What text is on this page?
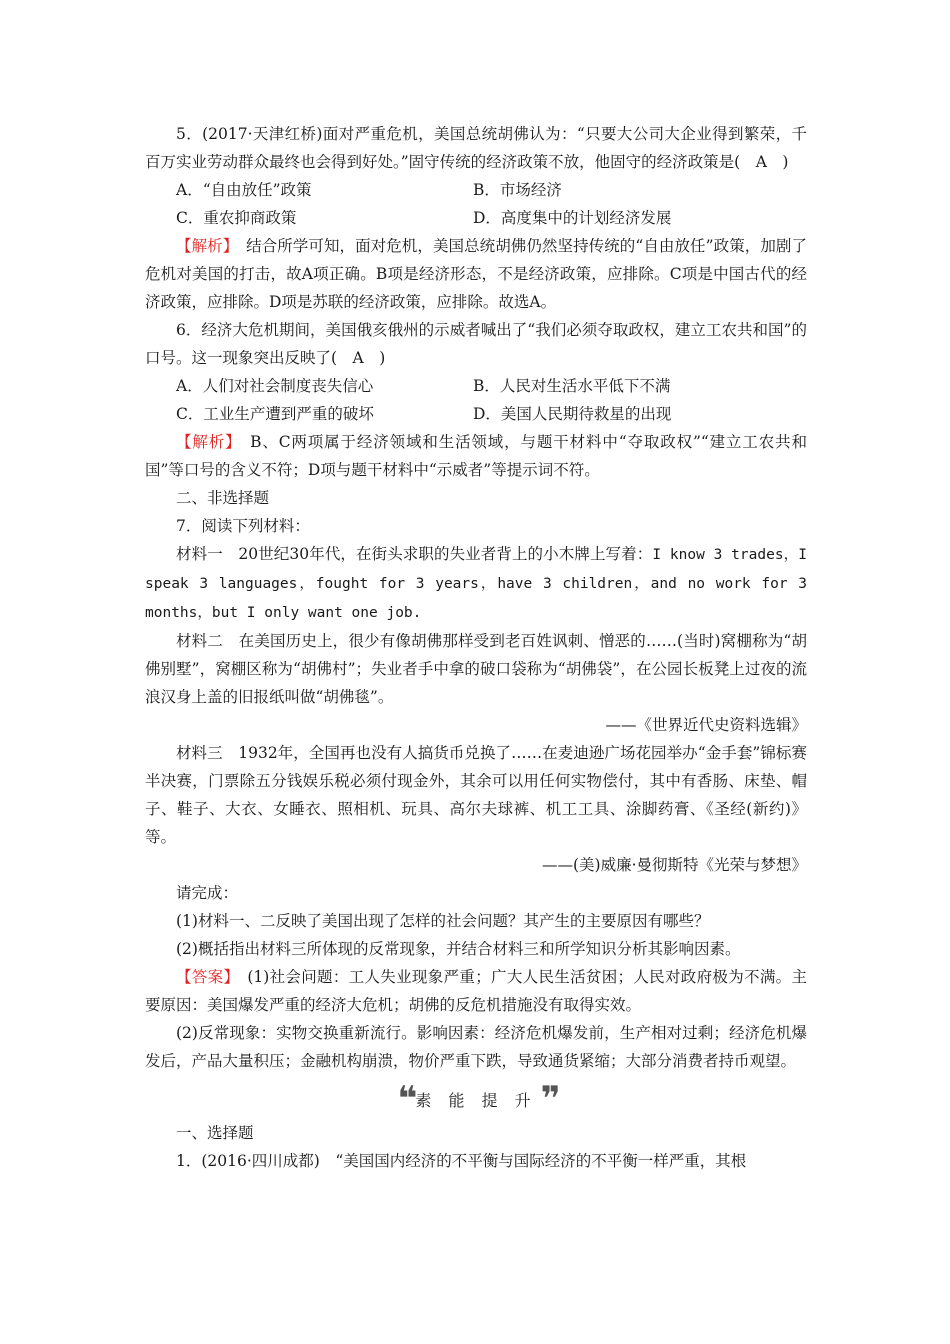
5．(2017·天津红桥)面对严重危机，美国总统胡佛认为：“只要大公司大企业得到繁荣，千百万实业劳动群众最终也会得到好处。”固守传统的经济政策不放，他固守的经济政策是(　A　)

A．“自由放任”政策	B．市场经济
C．重农抑商政策	D．高度集中的计划经济发展

【解析】　结合所学可知，面对危机，美国总统胡佛仍然坚持传统的“自由放任”政策，加剧了危机对美国的打击，故A项正确。B项是经济形态，不是经济政策，应排除。C项是中国古代的经济政策，应排除。D项是苏联的经济政策，应排除。故选A。

6．经济大危机期间，美国俄亥俄州的示威者喊出了“我们必须夺取政权，建立工农共和国”的口号。这一现象突出反映了(　A　)

A．人们对社会制度丧失信心	B．人民对生活水平低下不满
C．工业生产遭到严重的破坏	D．美国人民期待救星的出现

【解析】　B、C两项属于经济领域和生活领域，与题干材料中“夺取政权”“建立工农共和国”等口号的含义不符；D项与题干材料中“示威者”等提示词不符。

二、非选择题

7．阅读下列材料：

材料一　20世纪30年代，在街头求职的失业者背上的小木牌上写着：I know 3 trades，I speak 3 languages，fought for 3 years，have 3 children，and no work for 3 months，but I only want one job.

材料二　在美国历史上，很少有像胡佛那样受到老百姓讽刺、憎恶的……(当时)窝棚称为“胡佛别墅”，窝棚区称为“胡佛村”；失业者手中拿的破口袋称为“胡佛袋”，在公园长板凳上过夜的流浪汉身上盖的旧报纸叫做“胡佛毯”。

——《世界近代史资料选辑》

材料三　1932年，全国再也没有人搞货币兑换了……在麦迪逊广场花园举办“金手套”锦标赛半决赛，门票除五分钱娱乐税必须付现金外，其余可以用任何实物偿付，其中有香肠、床垫、帽子、鞋子、大衣、女睡衣、照相机、玩具、高尔夫球裤、机工工具、涂脚药膏、《圣经(新约)》等。

——(美)威廉·曼彻斯特《光荣与梦想》

请完成：

(1)材料一、二反映了美国出现了怎样的社会问题？其产生的主要原因有哪些？

(2)概括指出材料三所体现的反常现象，并结合材料三和所学知识分析其影响因素。

【答案】　(1)社会问题：工人失业现象严重；广大人民生活贫困；人民对政府极为不满。主要原因：美国爆发严重的经济大危机；胡佛的反危机措施没有取得实效。

(2)反常现象：实物交换重新流行。影响因素：经济危机爆发前，生产相对过剩；经济危机爆发后，产品大量积压；金融机构崩溃，物价严重下跌，导致通货紧缩；大部分消费者持币观望。

❝ 素 能 提 升 ❞

一、选择题

1．(2016·四川成都)　“美国国内经济的不平衡与国际经济的不平衡一样严重，其根
